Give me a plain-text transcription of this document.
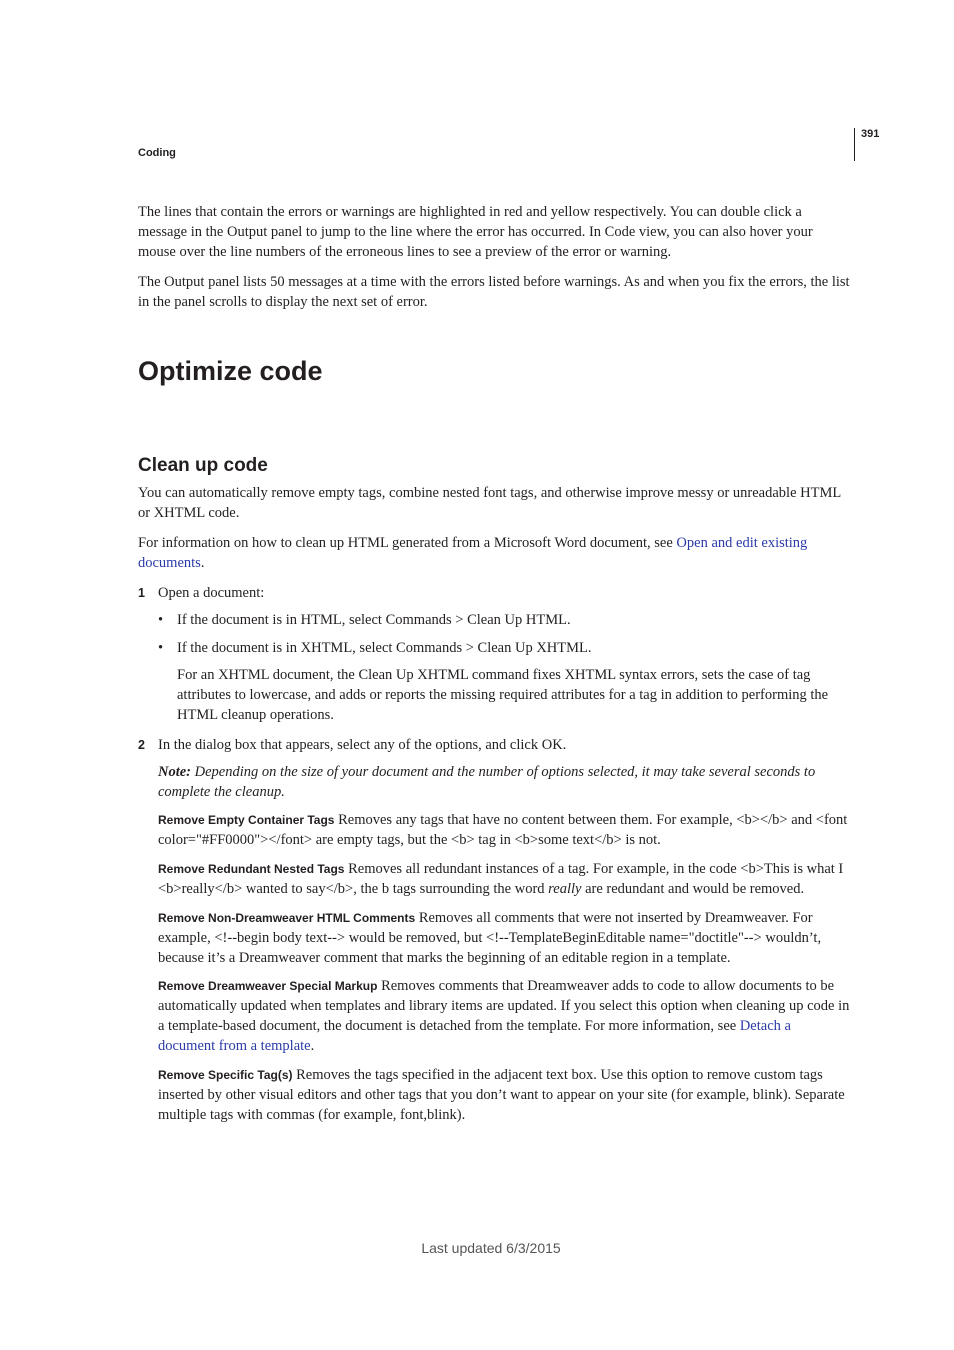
391
Coding

The lines that contain the errors or warnings are highlighted in red and yellow respectively. You can double click a message in the Output panel to jump to the line where the error has occurred. In Code view, you can also hover your mouse over the line numbers of the erroneous lines to see a preview of the error or warning.

The Output panel lists 50 messages at a time with the errors listed before warnings. As and when you fix the errors, the list in the panel scrolls to display the next set of error.

Optimize code
Clean up code

You can automatically remove empty tags, combine nested font tags, and otherwise improve messy or unreadable HTML or XHTML code.

For information on how to clean up HTML generated from a Microsoft Word document, see Open and edit existing documents.

1 Open a document:

• If the document is in HTML, select Commands > Clean Up HTML.

• If the document is in XHTML, select Commands > Clean Up XHTML.

For an XHTML document, the Clean Up XHTML command fixes XHTML syntax errors, sets the case of tag attributes to lowercase, and adds or reports the missing required attributes for a tag in addition to performing the HTML cleanup operations.

2 In the dialog box that appears, select any of the options, and click OK.

Note: Depending on the size of your document and the number of options selected, it may take several seconds to complete the cleanup.

Remove Empty Container Tags Removes any tags that have no content between them. For example, <b></b> and <font color="#FF0000"></font> are empty tags, but the <b> tag in <b>some text</b> is not.

Remove Redundant Nested Tags Removes all redundant instances of a tag. For example, in the code <b>This is what I <b>really</b> wanted to say</b>, the b tags surrounding the word really are redundant and would be removed.

Remove Non-Dreamweaver HTML Comments Removes all comments that were not inserted by Dreamweaver. For example, <!--begin body text--> would be removed, but <!--TemplateBeginEditable name="doctitle"--> wouldn’t, because it’s a Dreamweaver comment that marks the beginning of an editable region in a template.

Remove Dreamweaver Special Markup Removes comments that Dreamweaver adds to code to allow documents to be automatically updated when templates and library items are updated. If you select this option when cleaning up code in a template-based document, the document is detached from the template. For more information, see Detach a document from a template.

Remove Specific Tag(s) Removes the tags specified in the adjacent text box. Use this option to remove custom tags inserted by other visual editors and other tags that you don’t want to appear on your site (for example, blink). Separate multiple tags with commas (for example, font,blink).

Last updated 6/3/2015
